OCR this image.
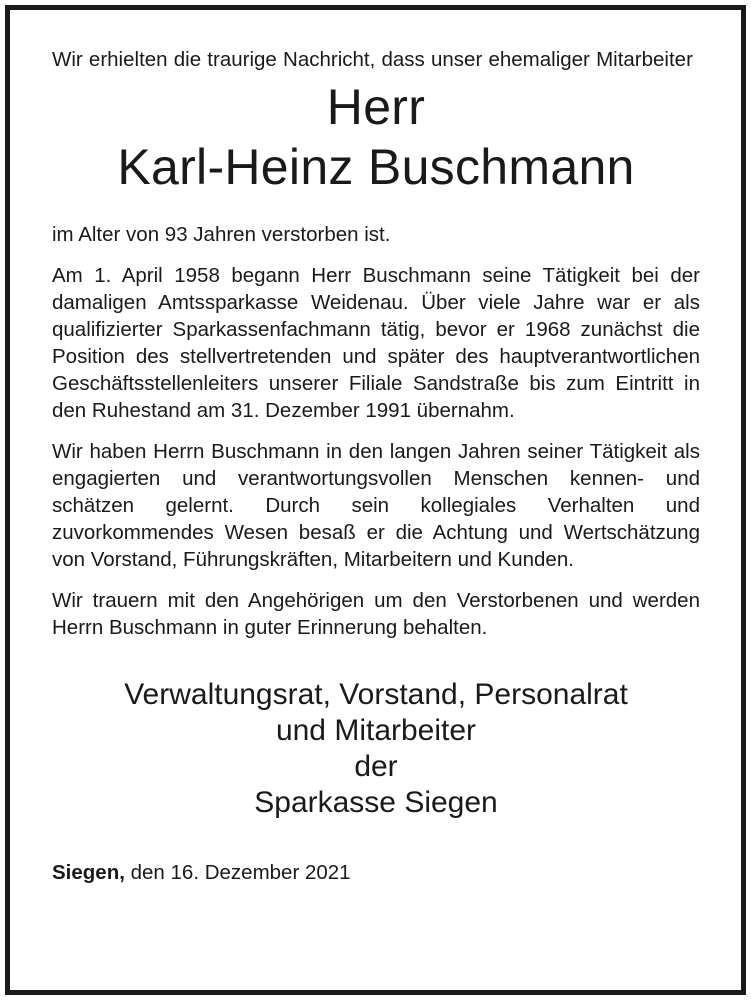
Wir erhielten die traurige Nachricht, dass unser ehemaliger Mitarbeiter

Herr
Karl-Heinz Buschmann

im Alter von 93 Jahren verstorben ist.

Am 1. April 1958 begann Herr Buschmann seine Tätigkeit bei der damaligen Amtssparkasse Weidenau. Über viele Jahre war er als qualifizierter Sparkassenfachmann tätig, bevor er 1968 zunächst die Position des stellvertretenden und später des hauptverantwortlichen Geschäftsstellenleiters unserer Filiale Sandstraße bis zum Eintritt in den Ruhestand am 31. Dezember 1991 übernahm.

Wir haben Herrn Buschmann in den langen Jahren seiner Tätigkeit als engagierten und verantwortungsvollen Menschen kennen- und schätzen gelernt. Durch sein kollegiales Verhalten und zuvorkommendes Wesen besaß er die Achtung und Wertschätzung von Vorstand, Führungskräften, Mitarbeitern und Kunden.

Wir trauern mit den Angehörigen um den Verstorbenen und werden Herrn Buschmann in guter Erinnerung behalten.

Verwaltungsrat, Vorstand, Personalrat
und Mitarbeiter
der
Sparkasse Siegen
Siegen, den 16. Dezember 2021
